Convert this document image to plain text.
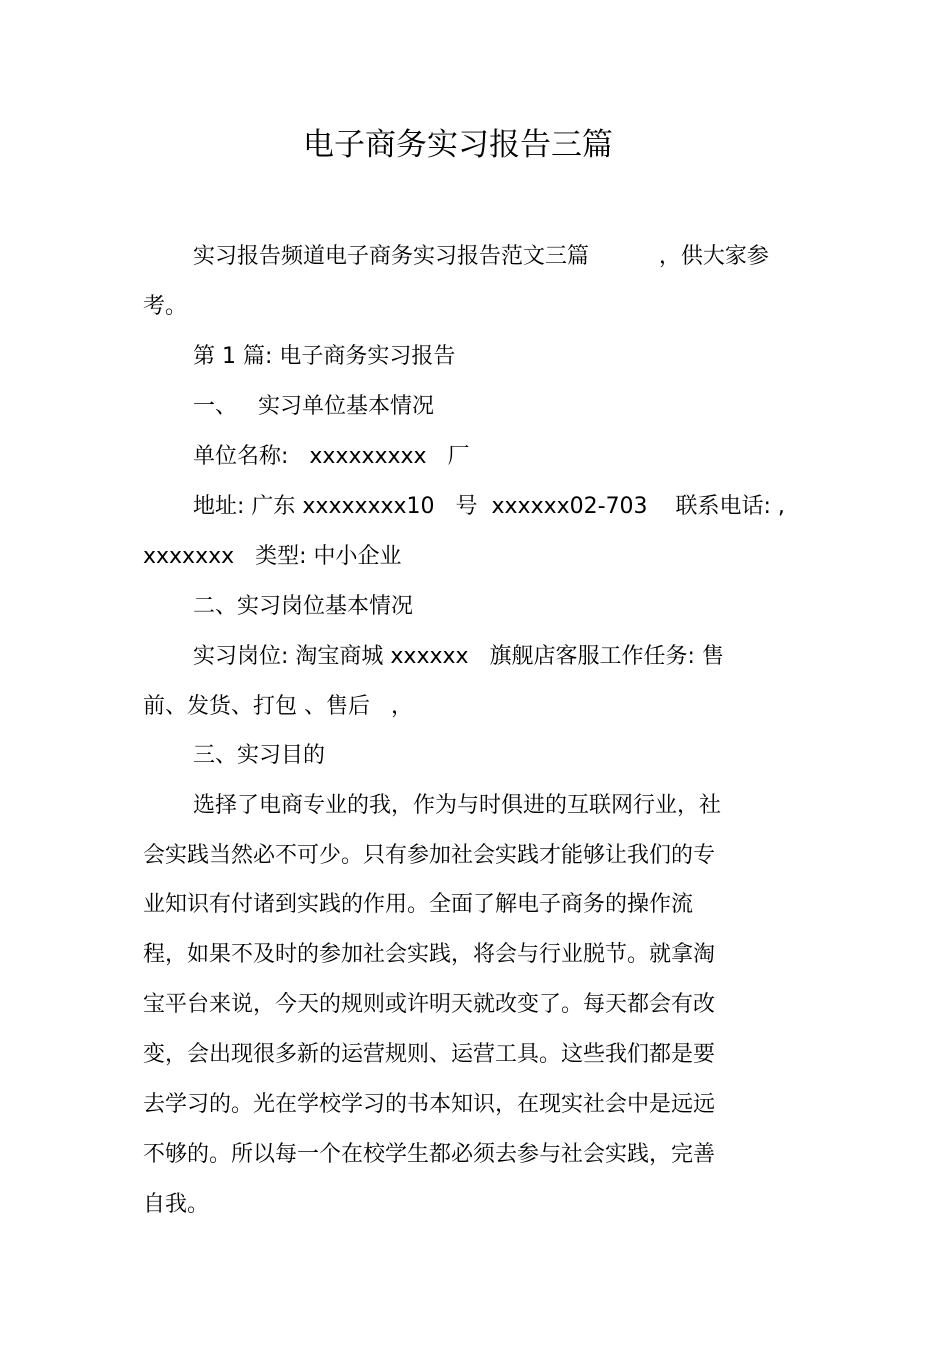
电子商务实习报告三篇
实习报告频道电子商务实习报告范文三篇          ，供大家参
考。
第 1 篇: 电子商务实习报告
一、   实习单位基本情况
单位名称:   xxxxxxxxx   厂
地址: 广东 xxxxxxxx10   号  xxxxxx02-703    联系电话: ,
xxxxxxx   类型: 中小企业
二、实习岗位基本情况
实习岗位: 淘宝商城 xxxxxx   旗舰店客服工作任务: 售
前、发货、打包 、售后   ，
三、实习目的
选择了电商专业的我，作为与时俱进的互联网行业，社
会实践当然必不可少。只有参加社会实践才能够让我们的专
业知识有付诸到实践的作用。全面了解电子商务的操作流
程，如果不及时的参加社会实践，将会与行业脱节。就拿淘
宝平台来说，今天的规则或许明天就改变了。每天都会有改
变，会出现很多新的运营规则、运营工具。这些我们都是要
去学习的。光在学校学习的书本知识，在现实社会中是远远
不够的。所以每一个在校学生都必须去参与社会实践，完善
自我。
